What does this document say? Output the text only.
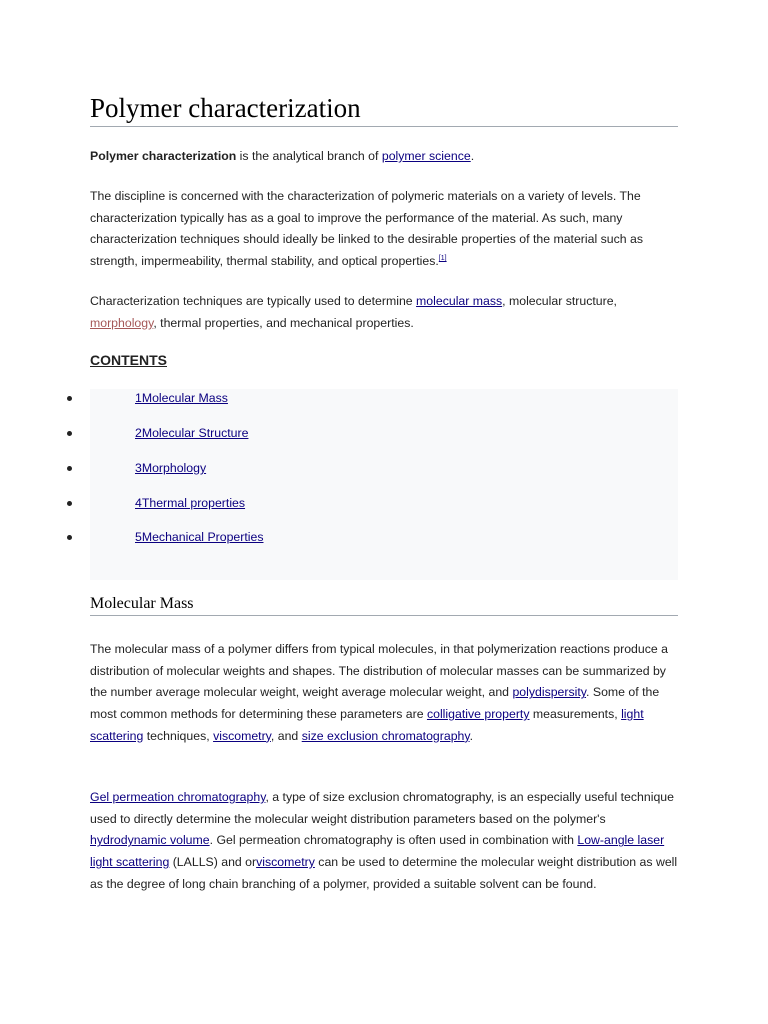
Polymer characterization

Polymer characterization is the analytical branch of polymer science.

The discipline is concerned with the characterization of polymeric materials on a variety of levels. The characterization typically has as a goal to improve the performance of the material. As such, many characterization techniques should ideally be linked to the desirable properties of the material such as strength, impermeability, thermal stability, and optical properties.[1]

Characterization techniques are typically used to determine molecular mass, molecular structure, morphology, thermal properties, and mechanical properties.

CONTENTS
1Molecular Mass
2Molecular Structure
3Morphology
4Thermal properties
5Mechanical Properties
Molecular Mass

The molecular mass of a polymer differs from typical molecules, in that polymerization reactions produce a distribution of molecular weights and shapes. The distribution of molecular masses can be summarized by the number average molecular weight, weight average molecular weight, and polydispersity. Some of the most common methods for determining these parameters are colligative property measurements, light scattering techniques, viscometry, and size exclusion chromatography.

Gel permeation chromatography, a type of size exclusion chromatography, is an especially useful technique used to directly determine the molecular weight distribution parameters based on the polymer's hydrodynamic volume. Gel permeation chromatography is often used in combination with Low-angle laser light scattering (LALLS) and orviscometry can be used to determine the molecular weight distribution as well as the degree of long chain branching of a polymer, provided a suitable solvent can be found.
